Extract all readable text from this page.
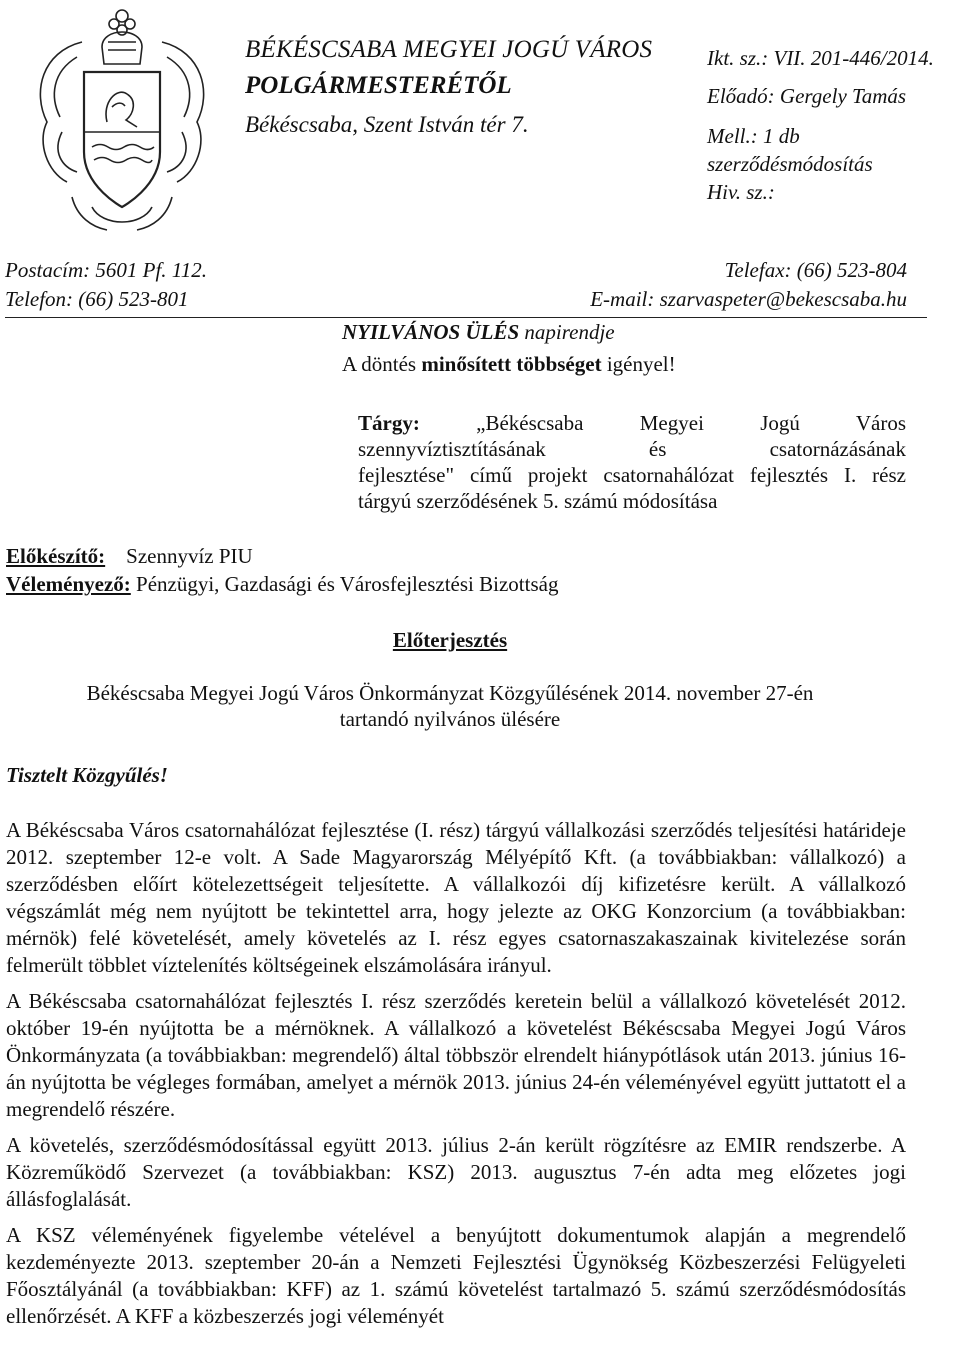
BÉKÉSCSABA MEGYEI JOGÚ VÁROS
POLGÁRMESTERÉTŐL
Békéscsaba, Szent István tér 7.
Ikt. sz.: VII. 201-446/2014.
Előadó: Gergely Tamás
Mell.: 1 db
szerződésmódosítás
Hiv. sz.:
Postacím: 5601 Pf. 112.
Telefon: (66) 523-801
Telefax: (66) 523-804
E-mail: szarvaspeter@bekescsaba.hu
NYILVÁNOS ÜLÉS napirendje
A döntés minősített többséget igényel!
Tárgy:	„Békéscsaba Megyei Jogú Város
szennyvíztisztításának és csatornázásának
fejlesztése" című projekt csatornahálózat fejlesztés I. rész
tárgyú szerződésének 5. számú módosítása
Előkészítő: Szennyvíz PIU
Véleményező: Pénzügyi, Gazdasági és Városfejlesztési Bizottság
Előterjesztés
Békéscsaba Megyei Jogú Város Önkormányzat Közgyűlésének 2014. november 27-én
tartandó nyilvános ülésére
Tisztelt Közgyűlés!

A Békéscsaba Város csatornahálózat fejlesztése (I. rész) tárgyú vállalkozási szerződés teljesítési határideje 2012. szeptember 12-e volt. A Sade Magyarország Mélyépítő Kft. (a továbbiakban: vállalkozó) a szerződésben előírt kötelezettségeit teljesítette. A vállalkozói díj kifizetésre került. A vállalkozó végszámlát még nem nyújtott be tekintettel arra, hogy jelezte az OKG Konzorcium (a továbbiakban: mérnök) felé követelését, amely követelés az I. rész egyes csatornaszakaszainak kivitelezése során felmerült többlet víztelenítés költségeinek elszámolására irányul.

A Békéscsaba csatornahálózat fejlesztés I. rész szerződés keretein belül a vállalkozó követelését 2012. október 19-én nyújtotta be a mérnöknek. A vállalkozó a követelést Békéscsaba Megyei Jogú Város Önkormányzata (a továbbiakban: megrendelő) által többször elrendelt hiánypótlások után 2013. június 16-án nyújtotta be végleges formában, amelyet a mérnök 2013. június 24-én véleményével együtt juttatott el a megrendelő részére.

A követelés, szerződésmódosítással együtt 2013. július 2-án került rögzítésre az EMIR rendszerbe. A Közreműködő Szervezet (a továbbiakban: KSZ) 2013. augusztus 7-én adta meg előzetes jogi állásfoglalását.

A KSZ véleményének figyelembe vételével a benyújtott dokumentumok alapján a megrendelő kezdeményezte 2013. szeptember 20-án a Nemzeti Fejlesztési Ügynökség Közbeszerzési Felügyeleti Főosztályánál (a továbbiakban: KFF) az 1. számú követelést tartalmazó 5. számú szerződésmódosítás ellenőrzését. A KFF a közbeszerzés jogi véleményét
